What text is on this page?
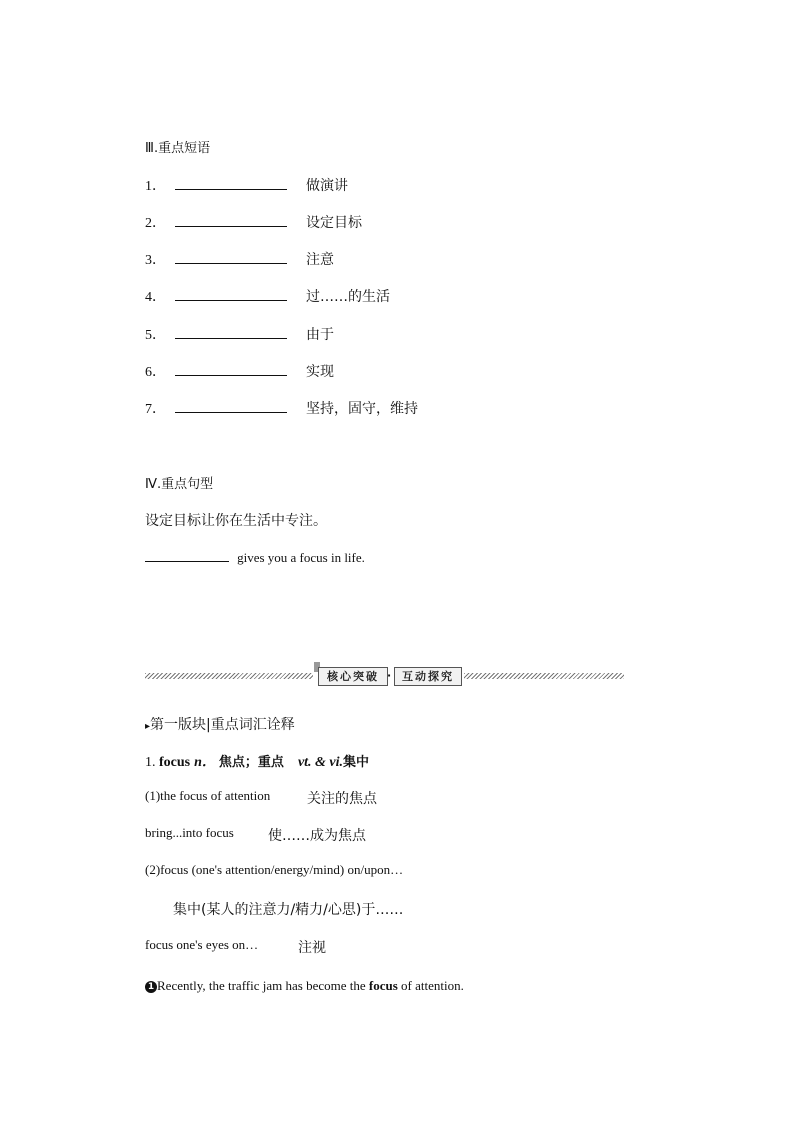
Ⅲ.重点短语
1．	做演讲
2．	设定目标
3．	注意
4．	过……的生活
5．	由于
6．	实现
7．	坚持，固守，维持
Ⅳ.重点句型
设定目标让你在生活中专注。
gives you a focus in life.
核心突破 · 互动探究
▸第一版块|重点词汇诠释
1. focus n． 焦点；重点 vt. & vi.集中
(1)the focus of attention	关注的焦点
bring...into focus 使……成为焦点
(2)focus (one's attention/energy/mind) on/upon…
集中(某人的注意力/精力/心思)于……
focus one's eyes on…	注视
1 Recently, the traffic jam has become the focus of attention.
